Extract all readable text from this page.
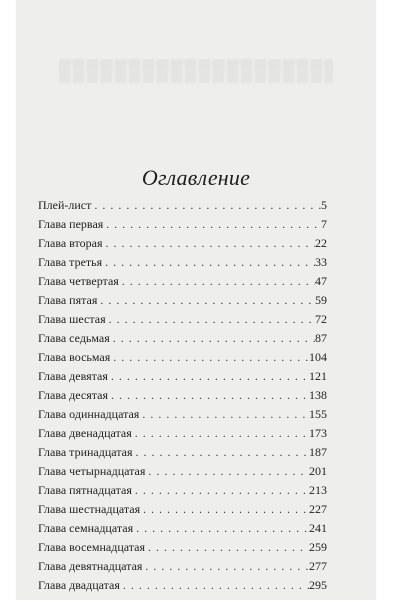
Оглавление
Плей-лист . . .	5
Глава первая . . .	7
Глава вторая . . .	22
Глава третья . . .	33
Глава четвертая . . .	47
Глава пятая . . .	59
Глава шестая . . .	72
Глава седьмая . . .	87
Глава восьмая . . .	104
Глава девятая . . .	121
Глава десятая . . .	138
Глава одиннадцатая . . .	155
Глава двенадцатая . . .	173
Глава тринадцатая . . .	187
Глава четырнадцатая . . .	201
Глава пятнадцатая . . .	213
Глава шестнадцатая . . .	227
Глава семнадцатая . . .	241
Глава восемнадцатая . . .	259
Глава девятнадцатая . . .	277
Глава двадцатая . . .	295
